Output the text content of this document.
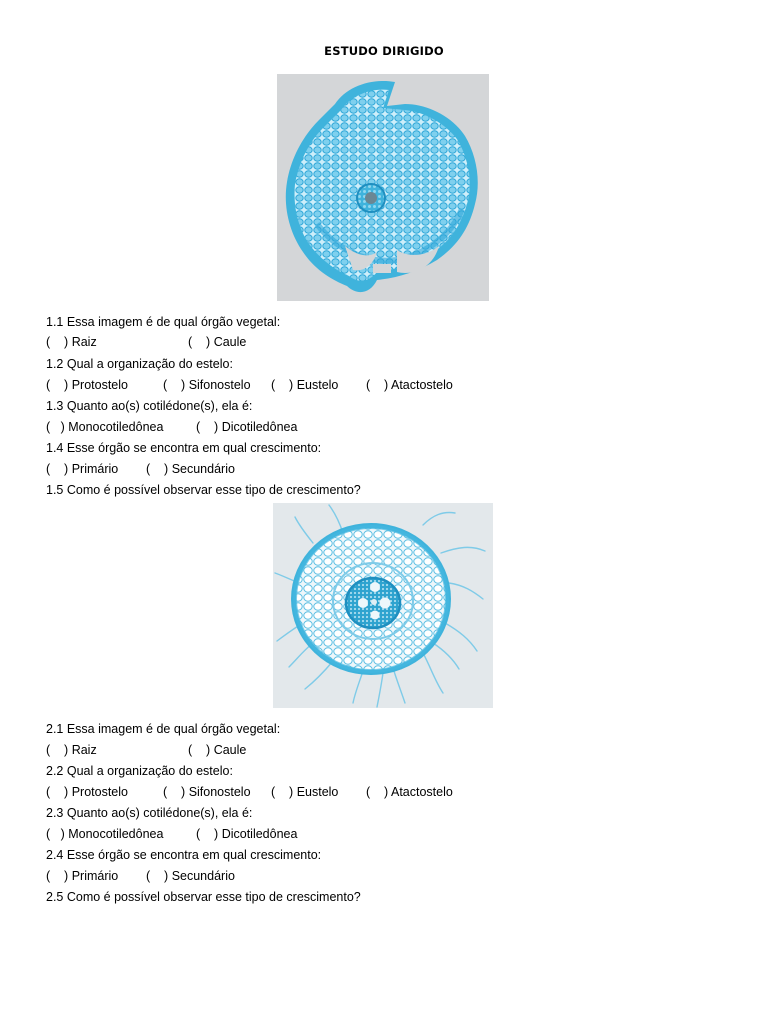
ESTUDO DIRIGIDO
1.1 Essa imagem é de qual órgão vegetal:
(    ) Raiz	(    ) Caule
1.2 Qual a organização do estelo:
(    ) Protostelo	(    ) Sifonostelo (    ) Eustelo (    ) Atactostelo
1.3 Quanto ao(s) cotilédone(s), ela é:
(   ) Monocotiledônea	(    ) Dicotiledônea
1.4 Esse órgão se encontra em qual crescimento:
(    ) Primário (    ) Secundário
1.5 Como é possível observar esse tipo de crescimento?
2.1 Essa imagem é de qual órgão vegetal:
(    ) Raiz	(    ) Caule
2.2 Qual a organização do estelo:
(    ) Protostelo	(    ) Sifonostelo (    ) Eustelo (    ) Atactostelo
2.3 Quanto ao(s) cotilédone(s), ela é:
(   ) Monocotiledônea	(    ) Dicotiledônea
2.4 Esse órgão se encontra em qual crescimento:
(    ) Primário (    ) Secundário
2.5 Como é possível observar esse tipo de crescimento?
